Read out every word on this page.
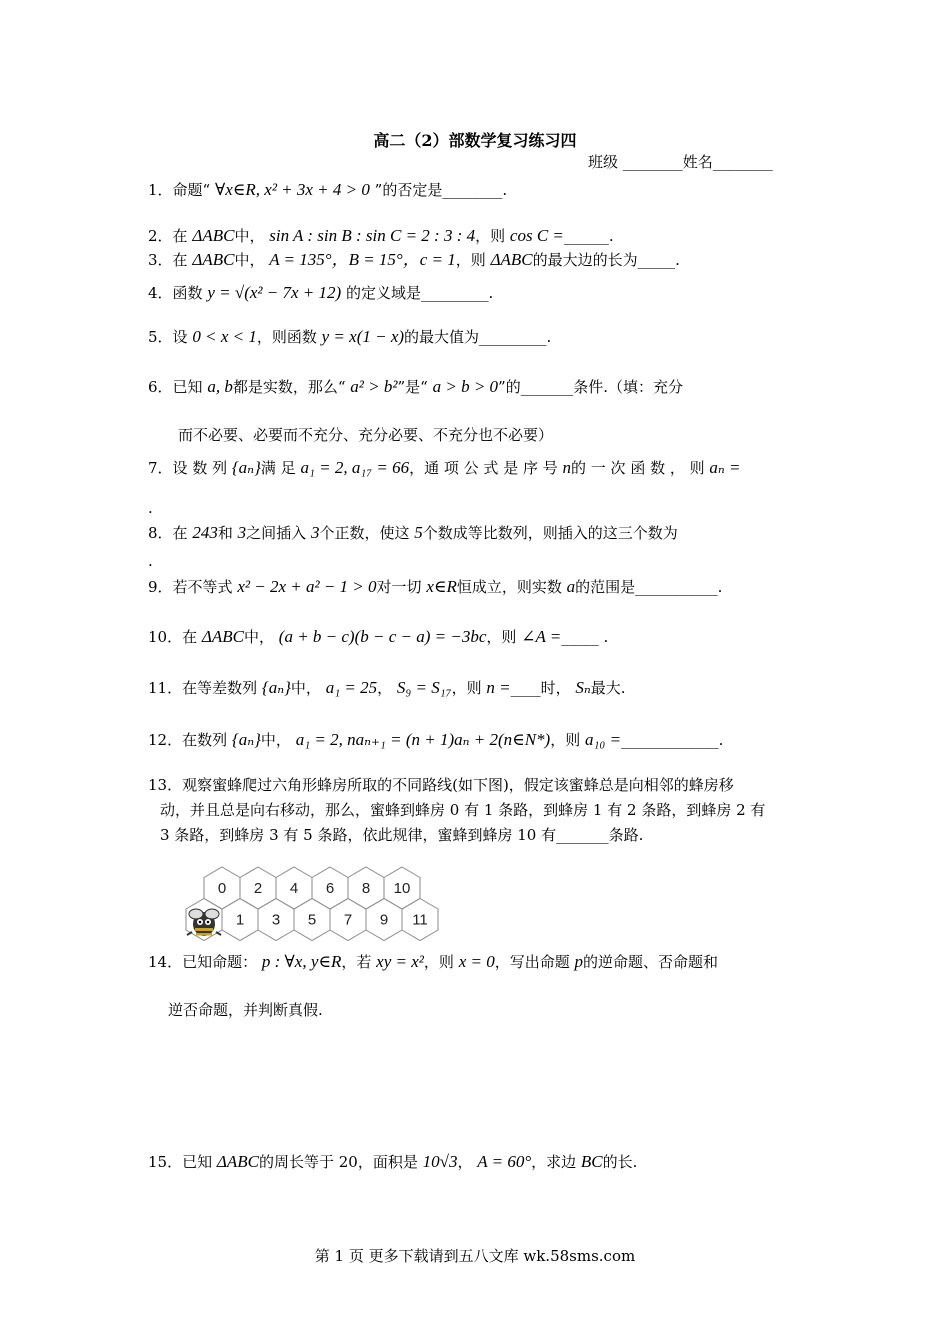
高二（2）部数学复习练习四
班级 ________姓名________
1．命题“ ∀x∈R, x² + 3x + 4 > 0 ”的否定是________.
2．在 ΔABC中， sin A : sin B : sin C = 2 : 3 : 4，则 cos C =______.
3．在 ΔABC中， A = 135°，B = 15°，c = 1，则 ΔABC的最大边的长为_____.
4．函数 y = √(x² − 7x + 12) 的定义域是_________.
5．设 0 < x < 1，则函数 y = x(1 − x)的最大值为_________.
6．已知 a, b都是实数，那么“ a² > b²”是“ a > b > 0”的_______条件.（填：充分
而不必要、必要而不充分、充分必要、不充分也不必要）
7．设 数 列 {aₙ}满 足 a₁ = 2, a₁₇ = 66，通 项 公 式 是 序 号 n的 一 次 函 数 ， 则 aₙ =
.
8．在 243和 3之间插入 3个正数，使这 5个数成等比数列，则插入的这三个数为
.
9．若不等式 x² − 2x + a² − 1 > 0对一切 x∈R恒成立，则实数 a的范围是___________.
10．在 ΔABC中， (a + b − c)(b − c − a) = −3bc，则 ∠A =_____ .
11．在等差数列 {aₙ}中， a₁ = 25， S₉ = S₁₇，则 n =____时， Sₙ最大.
12．在数列 {aₙ}中， a₁ = 2, naₙ₊₁ = (n + 1)aₙ + 2(n∈N*)，则 a₁₀ =_____________.
13．观察蜜蜂爬过六角形蜂房所取的不同路线(如下图)，假定该蜜蜂总是向相邻的蜂房移
动，并且总是向右移动，那么，蜜蜂到蜂房 0 有 1 条路，到蜂房 1 有 2 条路，到蜂房 2 有
3 条路，到蜂房 3 有 5 条路，依此规律，蜜蜂到蜂房 10 有_______条路.
0 2 4 6 8 10
1 3 5 7 9 11
14．已知命题： p : ∀x, y∈R，若 xy = x²，则 x = 0，写出命题 p的逆命题、否命题和
逆否命题，并判断真假.
15．已知 ΔABC的周长等于 20，面积是 10√3， A = 60°，求边 BC的长.
第 1 页 更多下载请到五八文库 wk.58sms.com
